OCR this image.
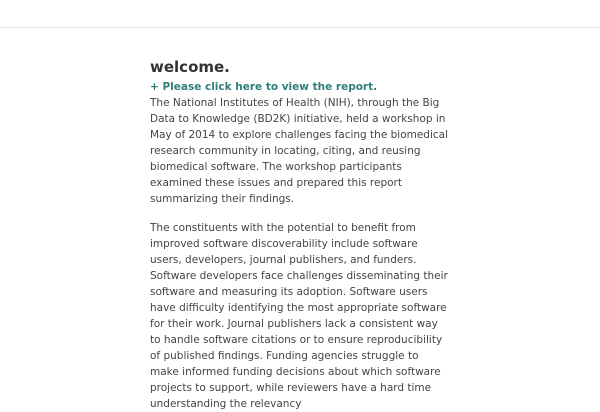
welcome.
+ Please click here to view the report.

The National Institutes of Health (NIH), through the Big Data to Knowledge (BD2K) initiative, held a workshop in May of 2014 to explore challenges facing the biomedical research community in locating, citing, and reusing biomedical software. The workshop participants examined these issues and prepared this report summarizing their findings.

The constituents with the potential to benefit from improved software discoverability include software users, developers, journal publishers, and funders. Software developers face challenges disseminating their software and measuring its adoption. Software users have difficulty identifying the most appropriate software for their work. Journal publishers lack a consistent way to handle software citations or to ensure reproducibility of published findings. Funding agencies struggle to make informed funding decisions about which software projects to support, while reviewers have a hard time understanding the relevancy
